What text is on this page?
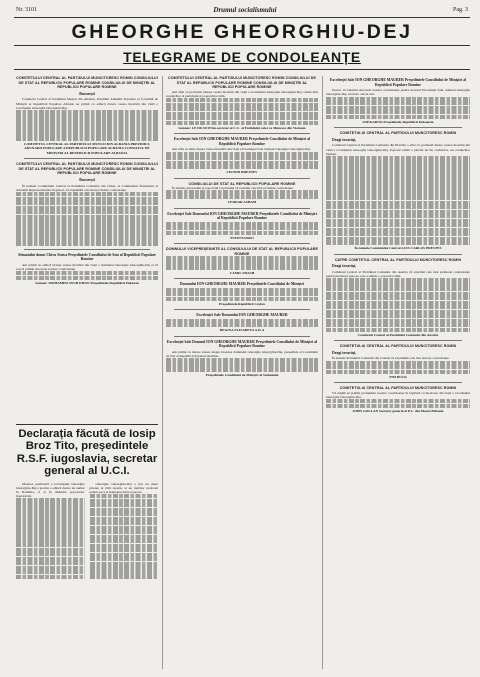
Nr. 3101	Drumul socialismului	Pag. 3
GHEORGHE GHEORGHIU-DEJ
TELEGRAME DE CONDOLEANȚE
COMITETULUI CENTRAL AL PARTIDULUI MUNCITORESC ROMIN CONSILIULUI DE STAT AL REPUBLICII POPULARE ROMINE CONSILIULUI DE MINIȘTRI AL REPUBLICII POPULARE ROMINE
București

Comitetul Central al Partidului Muncii din Albania, Prezidiul Adunării Populare și Consiliul de Miniștri al Republicii Populare Albania au primit cu adîncă durere vestea încetării din viață a tovarășului Gheorghe Gheorghiu-Dej.

COMITETUL CENTRAL AL PARTIDULUI MUNCII DIN ALBANIA PREZIDIUL ADUNARII POPULARE A REPUBLICII POPULARE ALBANIA CONSILIUL DE MINIȘTRI AL REPUBLICII POPULARE ALBANIA
COMITETULUI CENTRAL AL PARTIDULUI MUNCITORESC ROMIN CONSILIULUI DE STAT AL REPUBLICII POPULARE ROMINE CONSILIULUI DE MINIȘTRI AL REPUBLICII POPULARE ROMINE
București

În numele Comitetului Central al Partidului Comunist din China, al Comitetului Permanent al Adunării Reprezentanților Populari, vă exprimăm cele mai profunde condoleanțe.

Stimatului domn Chivu Stoica Președintele Consiliului de Stat al Republicii Populare Romîne

Am primit cu adîncă tristețe vestea încetării din viață a domnului Gheorghe Gheorghiu-Dej și vă rog să primiți sincerele noastre condoleanțe.

Semnat: MOHAMED AYUB KHAN Președintele Republicii Pakistan
Declarația făcută de Iosip Broz Tito, președintele R.S.F. iugoslavia, secretar general al U.C.I.

Moartea prematură a tovarășului Gheorghe Gheorghiu-Dej a produs o adîncă durere nu numai în Romînia, ci și în rîndurile popoarelor Iugoslaviei.

Gheorghe Gheorghiu-Dej a fost un mare prieten al țării noastre și un luptător neobosit pentru pace și înțelegere între popoare.

COMITETULUI CENTRAL AL PARTIDULUI MUNCITORESC ROMIN CONSILIULUI DE STAT AL REPUBLICII POPULARE ROMINE CONSILIULUI DE MINIȘTRI AL REPUBLICII POPULARE ROMINE

Am aflat cu profundă tristețe vestea încetării din viață a tovarășului Gheorghe Gheorghiu-Dej, remarcabil conducător al partidului și poporului romîn.

Semnat: LE DUAN Prim-secretar al C.C. al Partidului celor ce Muncesc din Vietnam
Excelenței Sale ION GHEORGHE MAURER Președintele Consiliului de Miniștri al Republicii Populare Romîne

Am aflat cu mare durere vestea încetării din viață a Excelenței Sale domnul Gheorghe Gheorghiu-Dej.

LEONID BREJNEV
CONSILIULUI DE STAT AL REPUBLICII POPULARE ROMINE

În numele guvernului și poporului Ceylonului vă transmit cele mai profunde condoleanțe.

CEDDAR ASHAM
Excelenței Sale Domnului ION GHEORGHE MAURER Președintele Consiliului de Miniștri al Republicii Populare Romîne
ESTENSSORO
DOMNULUI VICEPREȘEDINTE AL CONSILIULUI DE STAT AL REPUBLICII POPULARE ROMINE
CAMIL SHASH
Domnului ION GHEORGHE MAURER Președintele Consiliului de Miniștri
Președintele Republicii Ceylon
Excelenței Sale Domnului ION GHEORGHE MAURER
REGINA ELISABETA A II-A
Excelenței Sale Domnul ION GHEORGHE MAURER Președintele Consiliului de Miniștri al Republicii Populare Romîne

Am primit cu durere vestea despre moartea domnului Gheorghe Gheorghiu-Dej, președinte al Consiliului de Stat al Republicii Populare Romîne.

Președintele Consiliului de Miniștri al Sudanului
Excelenței Sale ION GHEORGHE MAURER Președintele Consiliului de Miniștri al Republicii Populare Romîne

Doresc să transmit sincerele noastre condoleanțe pentru decesul Excelenței Sale, domnul Gheorghe Gheorghiu-Dej, un mare om de stat.

SOEKARNO Președintele Republicii Indonezia
COMITETULUI CENTRAL AL PARTIDULUI MUNCITORESC ROMIN
Dragi tovarăși,

Comitetul Central al Partidului Comunist din Brazilia a aflat cu profundă durere vestea încetării din viață a tovarășului Gheorghe Gheorghiu-Dej. Poporul romîn a pierdut un fiu credincios, un conducător înțelept.

În numele Comitetului Central LUIS CARLOS PRESTES
CATRE COMITETUL CENTRAL AL PARTIDULUI MUNCITORESC ROMIN
Dragi tovarăși,

Comitetul Central al Partidului Comunist din Austria vă exprimă cele mai profunde condoleanțe pentru pierderea grea pe care a suferit-o poporul romîn.

Comitetul Central al Partidului Comunist din Austria
COMITETULUI CENTRAL AL PARTIDULUI MUNCITORESC ROMIN
Dragi tovarăși,

În numele Partidului Comunist din Canada vă exprimăm cele mai sincere condoleanțe.

TIM BUCK
COMITETULUI CENTRAL AL PARTIDULUI MUNCITORESC ROMIN

Vă rugăm să primiți profundele noastre condoleanțe în legătură cu încetarea din viață a tovarășului Gheorghe Gheorghiu-Dej.

JOHN GOLLAN Secretar general al P.C. din Marea Britanie
